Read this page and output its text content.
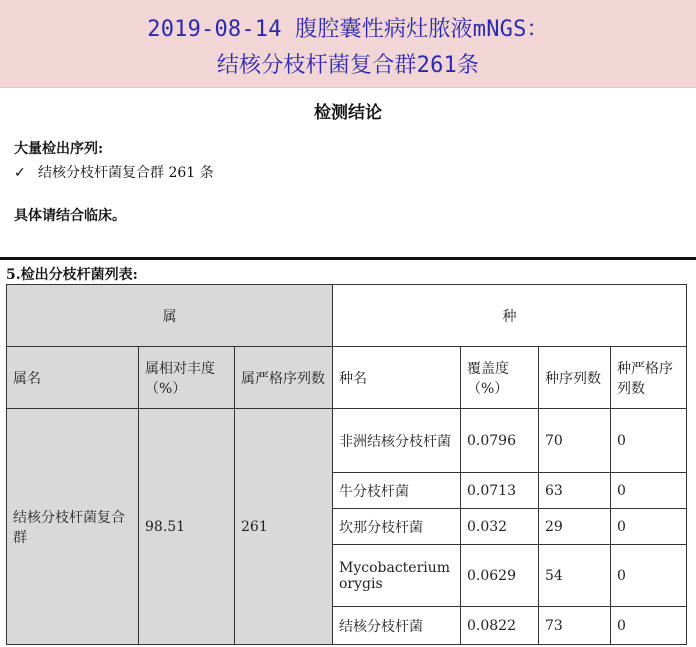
2019-08-14 腹腔囊性病灶脓液mNGS：
结核分枝杆菌复合群261条
检测结论
大量检出序列:
✓ 结核分枝杆菌复合群 261 条
具体请结合临床。
5.检出分枝杆菌列表:
属			种			
属名	属相对丰度（%）	属严格序列数	种名	覆盖度（%）	种序列数	种严格序列数
结核分枝杆菌复合群	98.51	261	非洲结核分枝杆菌	0.0796	70	0
			牛分枝杆菌	0.0713	63	0
			坎那分枝杆菌	0.032	29	0
			Mycobacterium orygis	0.0629	54	0
			结核分枝杆菌	0.0822	73	0
